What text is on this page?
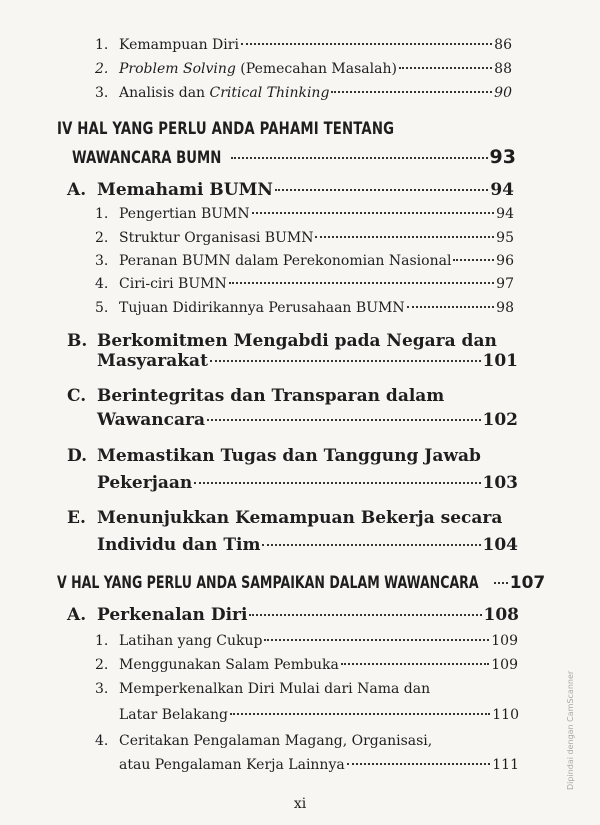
1. Kemampuan Diri	86
2. Problem Solving (Pemecahan Masalah)	88
3. Analisis dan Critical Thinking	90
IV HAL YANG PERLU ANDA PAHAMI TENTANG
WAWANCARA BUMN	93
A. Memahami BUMN	94
1. Pengertian BUMN	94
2. Struktur Organisasi BUMN	95
3. Peranan BUMN dalam Perekonomian Nasional	96
4. Ciri-ciri BUMN	97
5. Tujuan Didirikannya Perusahaan BUMN	98
B. Berkomitmen Mengabdi pada Negara dan
Masyarakat	101
C. Berintegritas dan Transparan dalam
Wawancara	102
D. Memastikan Tugas dan Tanggung Jawab
Pekerjaan	103
E. Menunjukkan Kemampuan Bekerja secara
Individu dan Tim	104
V HAL YANG PERLU ANDA SAMPAIKAN DALAM WAWANCARA 107
A. Perkenalan Diri	108
1. Latihan yang Cukup	109
2. Menggunakan Salam Pembuka	109
3. Memperkenalkan Diri Mulai dari Nama dan
Latar Belakang	110
4. Ceritakan Pengalaman Magang, Organisasi,
atau Pengalaman Kerja Lainnya	111
xi
Dipindai dengan CamScanner
